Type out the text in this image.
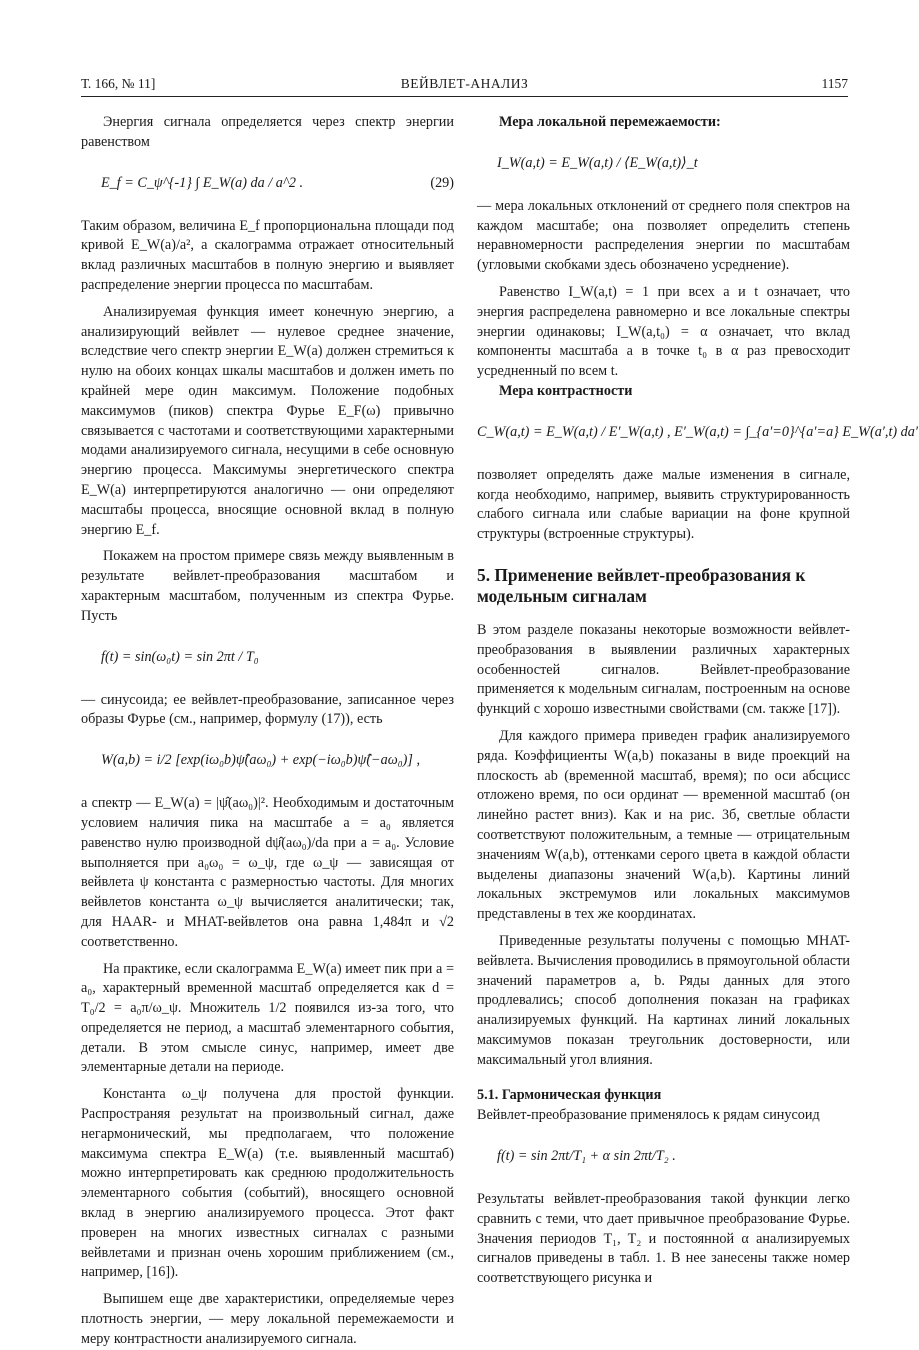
Т. 166, № 11]	ВЕЙВЛЕТ-АНАЛИЗ	1157

Энергия сигнала определяется через спектр энергии равенством

E_f = C_ψ^{-1} ∫ E_W(a) da / a^2 .	(29)

Таким образом, величина E_f пропорциональна площади под кривой E_W(a)/a², а скалограмма отражает относительный вклад различных масштабов в полную энергию и выявляет распределение энергии процесса по масштабам.

Анализируемая функция имеет конечную энергию, а анализирующий вейвлет — нулевое среднее значение, вследствие чего спектр энергии E_W(a) должен стремиться к нулю на обоих концах шкалы масштабов и должен иметь по крайней мере один максимум. Положение подобных максимумов (пиков) спектра Фурье E_F(ω) привычно связывается с частотами и соответствующими характерными модами анализируемого сигнала, несущими в себе основную энергию процесса. Максимумы энергетического спектра E_W(a) интерпретируются аналогично — они определяют масштабы процесса, вносящие основной вклад в полную энергию E_f.

Покажем на простом примере связь между выявленным в результате вейвлет-преобразования масштабом и характерным масштабом, полученным из спектра Фурье. Пусть

f(t) = sin(ω₀t) = sin 2πt / T₀

— синусоида; ее вейвлет-преобразование, записанное через образы Фурье (см., например, формулу (17)), есть

W(a,b) = i/2 [exp(iω₀b)ψ̂(aω₀) + exp(−iω₀b)ψ̂(−aω₀)] ,

а спектр — E_W(a) = |ψ̂(aω₀)|². Необходимым и достаточным условием наличия пика на масштабе a = a₀ является равенство нулю производной dψ̂(aω₀)/da при a = a₀. Условие выполняется при a₀ω₀ = ω_ψ, где ω_ψ — зависящая от вейвлета ψ константа с размерностью частоты. Для многих вейвлетов константа ω_ψ вычисляется аналитически; так, для HAAR- и MHAT-вейвлетов она равна 1,484π и √2 соответственно.

На практике, если скалограмма E_W(a) имеет пик при a = a₀, характерный временной масштаб определяется как d = T₀/2 = a₀π/ω_ψ. Множитель 1/2 появился из-за того, что определяется не период, а масштаб элементарного события, детали. В этом смысле синус, например, имеет две элементарные детали на периоде.

Константа ω_ψ получена для простой функции. Распространяя результат на произвольный сигнал, даже негармонический, мы предполагаем, что положение максимума спектра E_W(a) (т.е. выявленный масштаб) можно интерпретировать как среднюю продолжительность элементарного события (событий), вносящего основной вклад в энергию анализируемого процесса. Этот факт проверен на многих известных сигналах с разными вейвлетами и признан очень хорошим приближением (см., например, [16]).

Выпишем еще две характеристики, определяемые через плотность энергии, — меру локальной перемежаемости и меру контрастности анализируемого сигнала.

Мера локальной перемежаемости:

I_W(a,t) = E_W(a,t) / ⟨E_W(a,t)⟩_t

— мера локальных отклонений от среднего поля спектров на каждом масштабе; она позволяет определить степень неравномерности распределения энергии по масштабам (угловыми скобками здесь обозначено усреднение).

Равенство I_W(a,t) = 1 при всех a и t означает, что энергия распределена равномерно и все локальные спектры энергии одинаковы; I_W(a,t₀) = α означает, что вклад компоненты масштаба a в точке t₀ в α раз превосходит усредненный по всем t.

Мера контрастности

C_W(a,t) = E_W(a,t) / E′_W(a,t) , E′_W(a,t) = ∫_{a′=0}^{a′=a} E_W(a′,t) da′

позволяет определять даже малые изменения в сигнале, когда необходимо, например, выявить структурированность слабого сигнала или слабые вариации на фоне крупной структуры (встроенные структуры).

5. Применение вейвлет-преобразования к модельным сигналам

В этом разделе показаны некоторые возможности вейвлет-преобразования в выявлении различных характерных особенностей сигналов. Вейвлет-преобразование применяется к модельным сигналам, построенным на основе функций с хорошо известными свойствами (см. также [17]).

Для каждого примера приведен график анализируемого ряда. Коэффициенты W(a,b) показаны в виде проекций на плоскость ab (временной масштаб, время); по оси абсцисс отложено время, по оси ординат — временной масштаб (он линейно растет вниз). Как и на рис. 3б, светлые области соответствуют положительным, а темные — отрицательным значениям W(a,b), оттенками серого цвета в каждой области выделены диапазоны значений W(a,b). Картины линий локальных экстремумов или локальных максимумов представлены в тех же координатах.

Приведенные результаты получены с помощью MHAT-вейвлета. Вычисления проводились в прямоугольной области значений параметров a, b. Ряды данных для этого продлевались; способ дополнения показан на графиках анализируемых функций. На картинах линий локальных максимумов показан треугольник достоверности, или максимальный угол влияния.

5.1. Гармоническая функция

Вейвлет-преобразование применялось к рядам синусоид

f(t) = sin 2πt/T₁ + α sin 2πt/T₂ .

Результаты вейвлет-преобразования такой функции легко сравнить с теми, что дает привычное преобразование Фурье. Значения периодов T₁, T₂ и постоянной α анализируемых сигналов приведены в табл. 1. В нее занесены также номер соответствующего рисунка и
